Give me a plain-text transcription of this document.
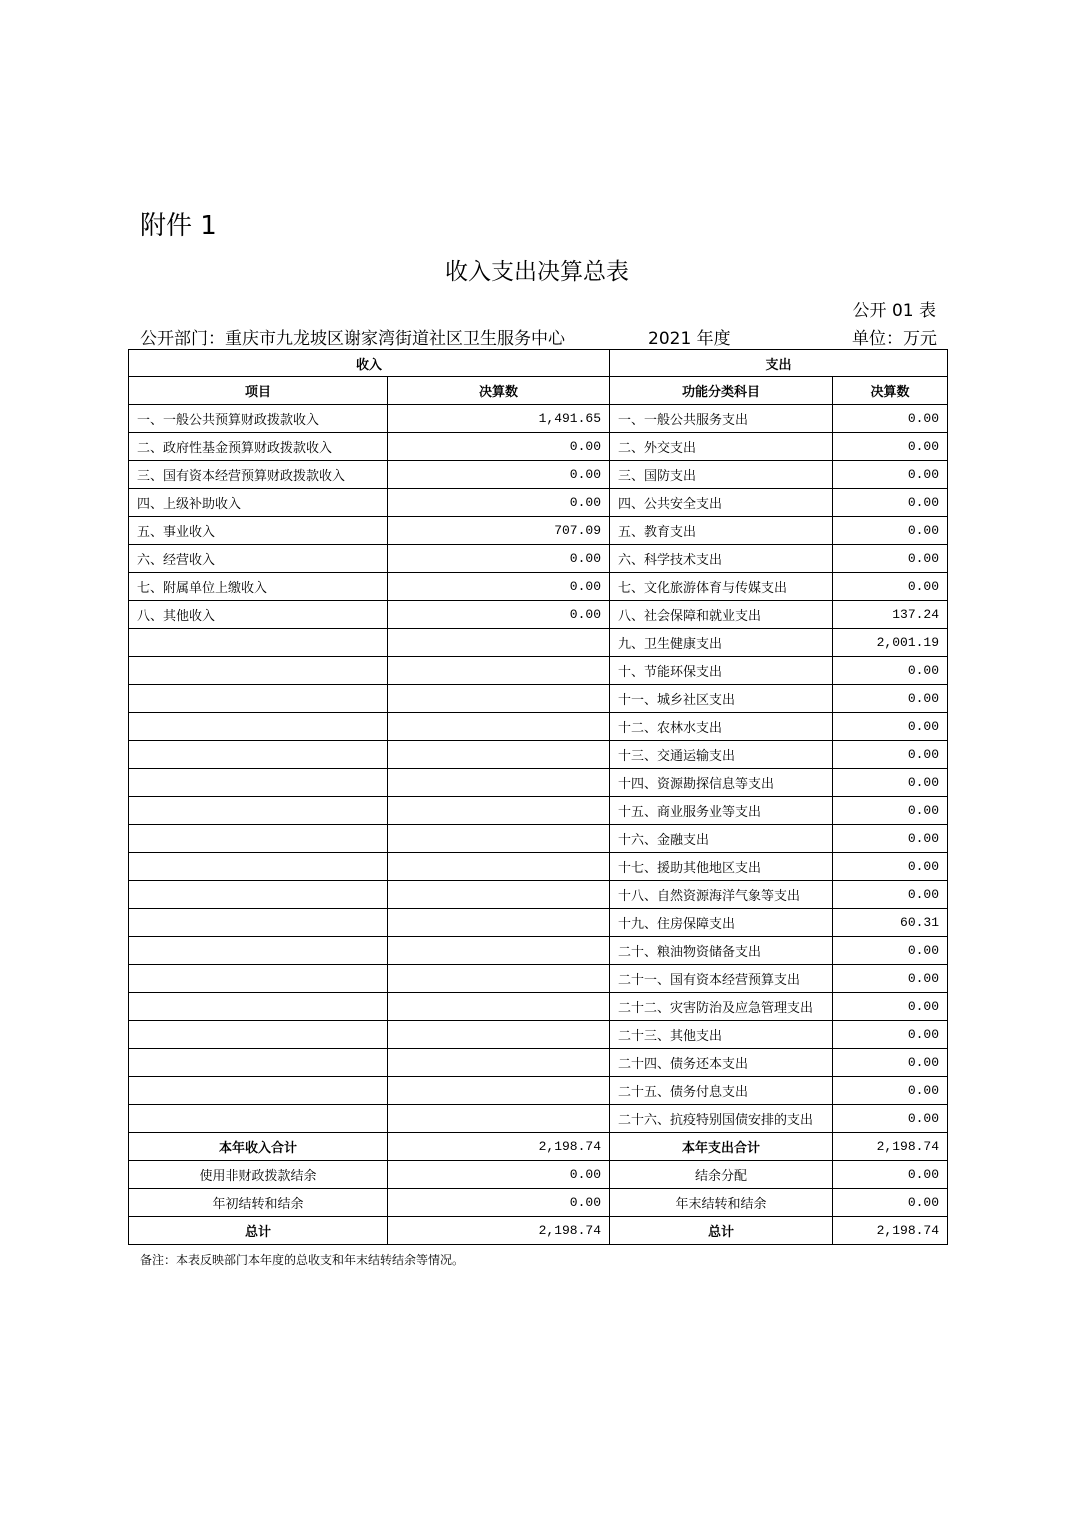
附件 1
收入支出决算总表
公开 01 表
公开部门：重庆市九龙坡区谢家湾街道社区卫生服务中心	2021 年度	单位：万元
收入		支出	
项目	决算数	功能分类科目	决算数
一、一般公共预算财政拨款收入	1,491.65	一、一般公共服务支出	0.00
二、政府性基金预算财政拨款收入	0.00	二、外交支出	0.00
三、国有资本经营预算财政拨款收入	0.00	三、国防支出	0.00
四、上级补助收入	0.00	四、公共安全支出	0.00
五、事业收入	707.09	五、教育支出	0.00
六、经营收入	0.00	六、科学技术支出	0.00
七、附属单位上缴收入	0.00	七、文化旅游体育与传媒支出	0.00
八、其他收入	0.00	八、社会保障和就业支出	137.24
		九、卫生健康支出	2,001.19
		十、节能环保支出	0.00
		十一、城乡社区支出	0.00
		十二、农林水支出	0.00
		十三、交通运输支出	0.00
		十四、资源勘探信息等支出	0.00
		十五、商业服务业等支出	0.00
		十六、金融支出	0.00
		十七、援助其他地区支出	0.00
		十八、自然资源海洋气象等支出	0.00
		十九、住房保障支出	60.31
		二十、粮油物资储备支出	0.00
		二十一、国有资本经营预算支出	0.00
		二十二、灾害防治及应急管理支出	0.00
		二十三、其他支出	0.00
		二十四、债务还本支出	0.00
		二十五、债务付息支出	0.00
		二十六、抗疫特别国债安排的支出	0.00
本年收入合计	2,198.74	本年支出合计	2,198.74
使用非财政拨款结余	0.00	结余分配	0.00
年初结转和结余	0.00	年末结转和结余	0.00
总计	2,198.74	总计	2,198.74
备注：本表反映部门本年度的总收支和年末结转结余等情况。
